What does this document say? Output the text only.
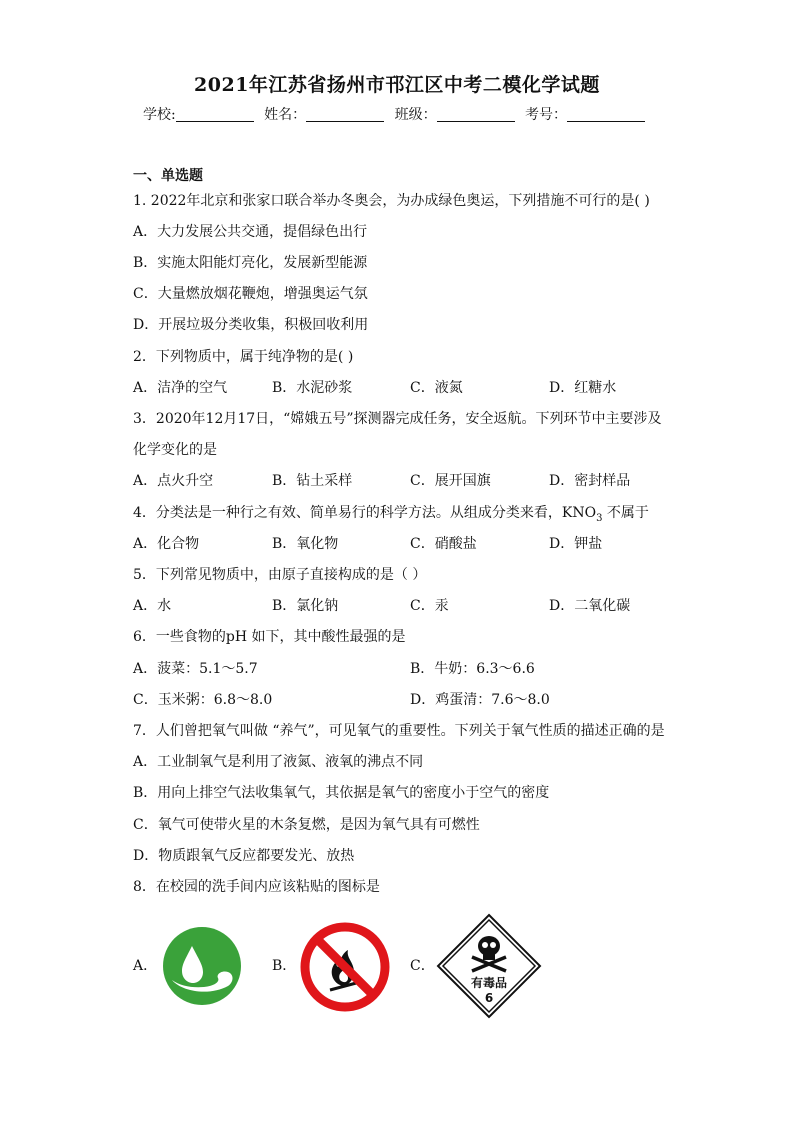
2021年江苏省扬州市邗江区中考二模化学试题
学校:	姓名：	班级：	考号：
一、单选题
1. 2022年北京和张家口联合举办冬奥会，为办成绿色奥运，下列措施不可行的是( )
A．大力发展公共交通，提倡绿色出行
B．实施太阳能灯亮化，发展新型能源
C．大量燃放烟花鞭炮，增强奥运气氛
D．开展垃圾分类收集，积极回收利用
2．下列物质中，属于纯净物的是( )
A．洁净的空气	B．水泥砂浆	C．液氮	D．红糖水
3．2020年12月17日，“嫦娥五号”探测器完成任务，安全返航。下列环节中主要涉及
化学变化的是
A．点火升空	B．钻土采样	C．展开国旗	D．密封样品
4．分类法是一种行之有效、简单易行的科学方法。从组成分类来看，$KNO_3$ 不属于
A．化合物	B．氧化物	C．硝酸盐	D．钾盐
5．下列常见物质中，由原子直接构成的是（ ）
A．水	B．氯化钠	C．汞	D．二氧化碳
6．一些食物的pH 如下，其中酸性最强的是
A．菠菜：5.1～5.7	B．牛奶：6.3～6.6
C．玉米粥：6.8～8.0	D．鸡蛋清：7.6～8.0
7．人们曾把氧气叫做 “养气”，可见氧气的重要性。下列关于氧气性质的描述正确的是
A．工业制氧气是利用了液氮、液氧的沸点不同
B．用向上排空气法收集氧气，其依据是氧气的密度小于空气的密度
C．氧气可使带火星的木条复燃，是因为氧气具有可燃性
D．物质跟氧气反应都要发光、放热
8．在校园的洗手间内应该粘贴的图标是
A．	B．	C．
有毒品
6
